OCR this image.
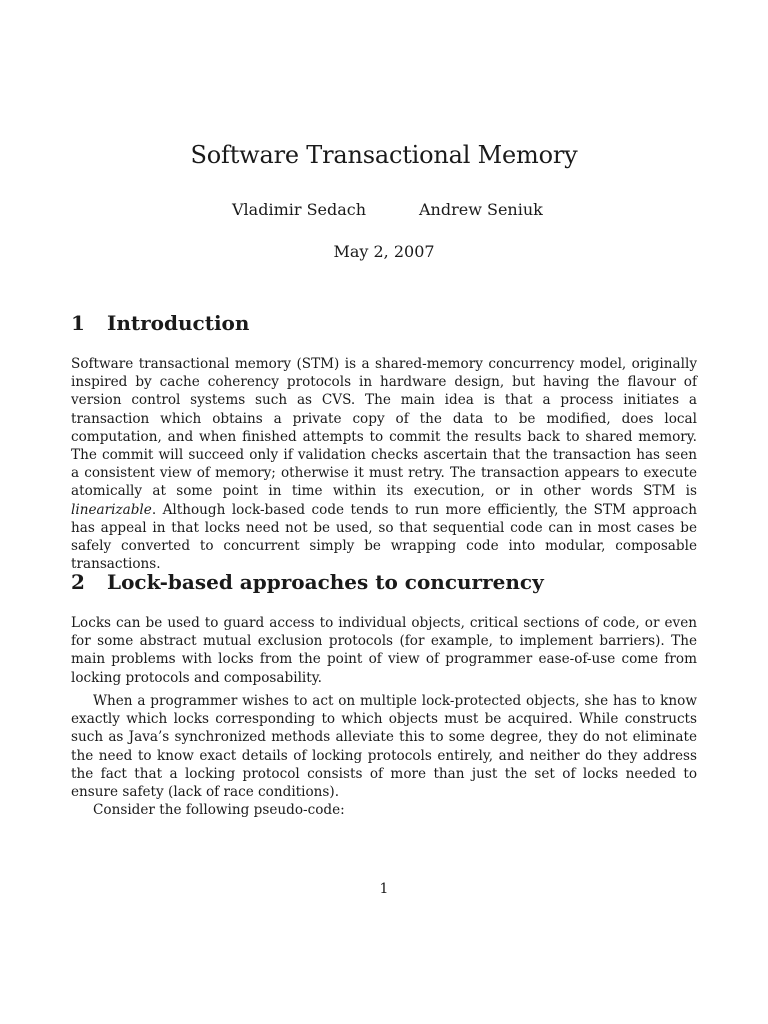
Software Transactional Memory
Vladimir Sedach	Andrew Seniuk
May 2, 2007
1 Introduction

Software transactional memory (STM) is a shared-memory concurrency model, originally inspired by cache coherency protocols in hardware design, but having the flavour of version control systems such as CVS. The main idea is that a process initiates a transaction which obtains a private copy of the data to be modified, does local computation, and when finished attempts to commit the results back to shared memory. The commit will succeed only if validation checks ascertain that the transaction has seen a consistent view of memory; otherwise it must retry. The transaction appears to execute atomically at some point in time within its execution, or in other words STM is linearizable. Although lock-based code tends to run more efficiently, the STM approach has appeal in that locks need not be used, so that sequential code can in most cases be safely converted to concurrent simply be wrapping code into modular, composable transactions.

2 Lock-based approaches to concurrency

Locks can be used to guard access to individual objects, critical sections of code, or even for some abstract mutual exclusion protocols (for example, to implement barriers). The main problems with locks from the point of view of programmer ease-of-use come from locking protocols and composability.

When a programmer wishes to act on multiple lock-protected objects, she has to know exactly which locks corresponding to which objects must be acquired. While constructs such as Java’s synchronized methods alleviate this to some degree, they do not eliminate the need to know exact details of locking protocols entirely, and neither do they address the fact that a locking protocol consists of more than just the set of locks needed to ensure safety (lack of race conditions).

Consider the following pseudo-code:

1
